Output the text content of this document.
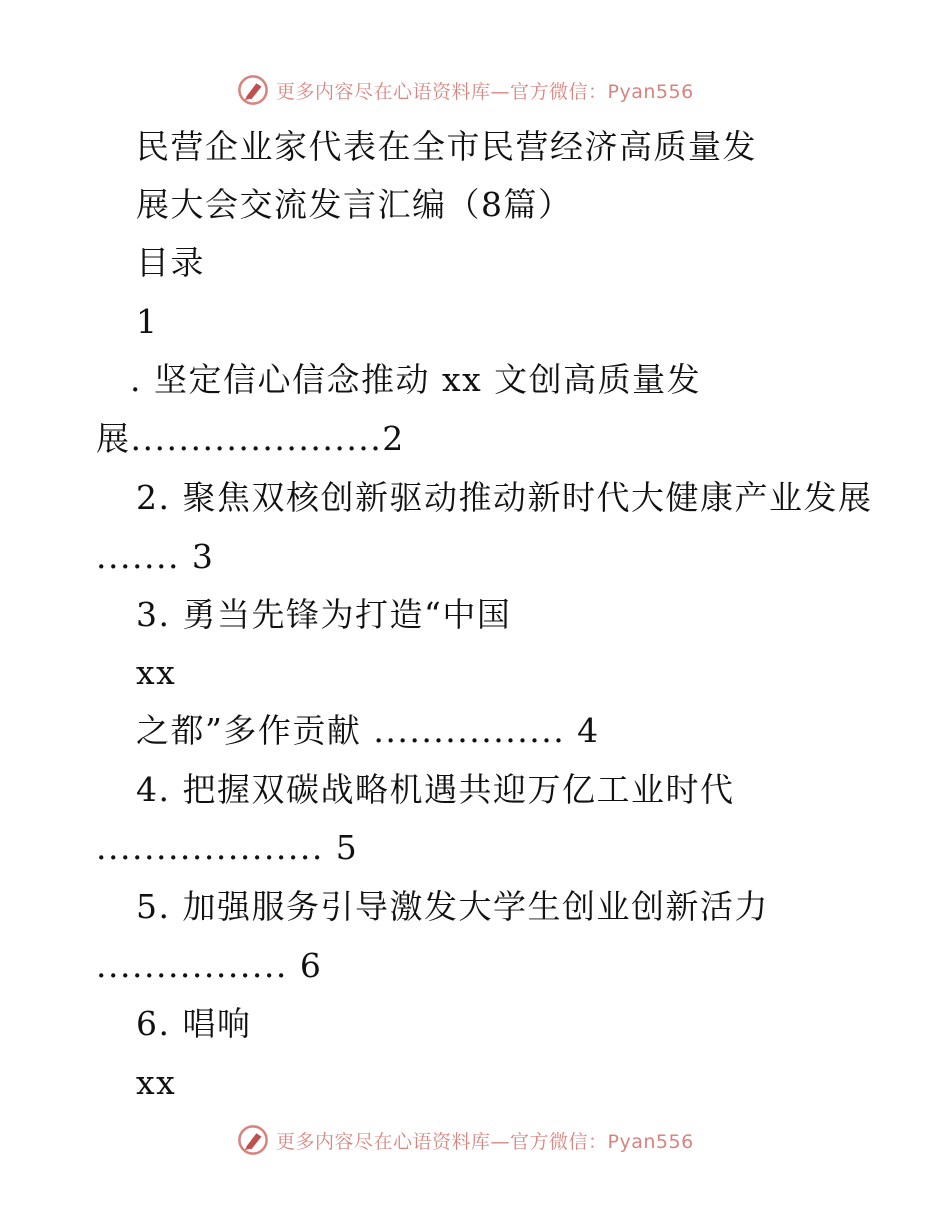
更多内容尽在心语资料库—官方微信：Pyan556
民营企业家代表在全市民营经济高质量发
展大会交流发言汇编（8篇）
目录
1
. 坚定信心信念推动 xx 文创高质量发
展.....................2
2. 聚焦双核创新驱动推动新时代大健康产业发展
....... 3
3. 勇当先锋为打造“中国
xx
之都”多作贡献 ................ 4
4. 把握双碳战略机遇共迎万亿工业时代
................... 5
5. 加强服务引导激发大学生创业创新活力
................ 6
6. 唱响
xx
更多内容尽在心语资料库—官方微信：Pyan556
